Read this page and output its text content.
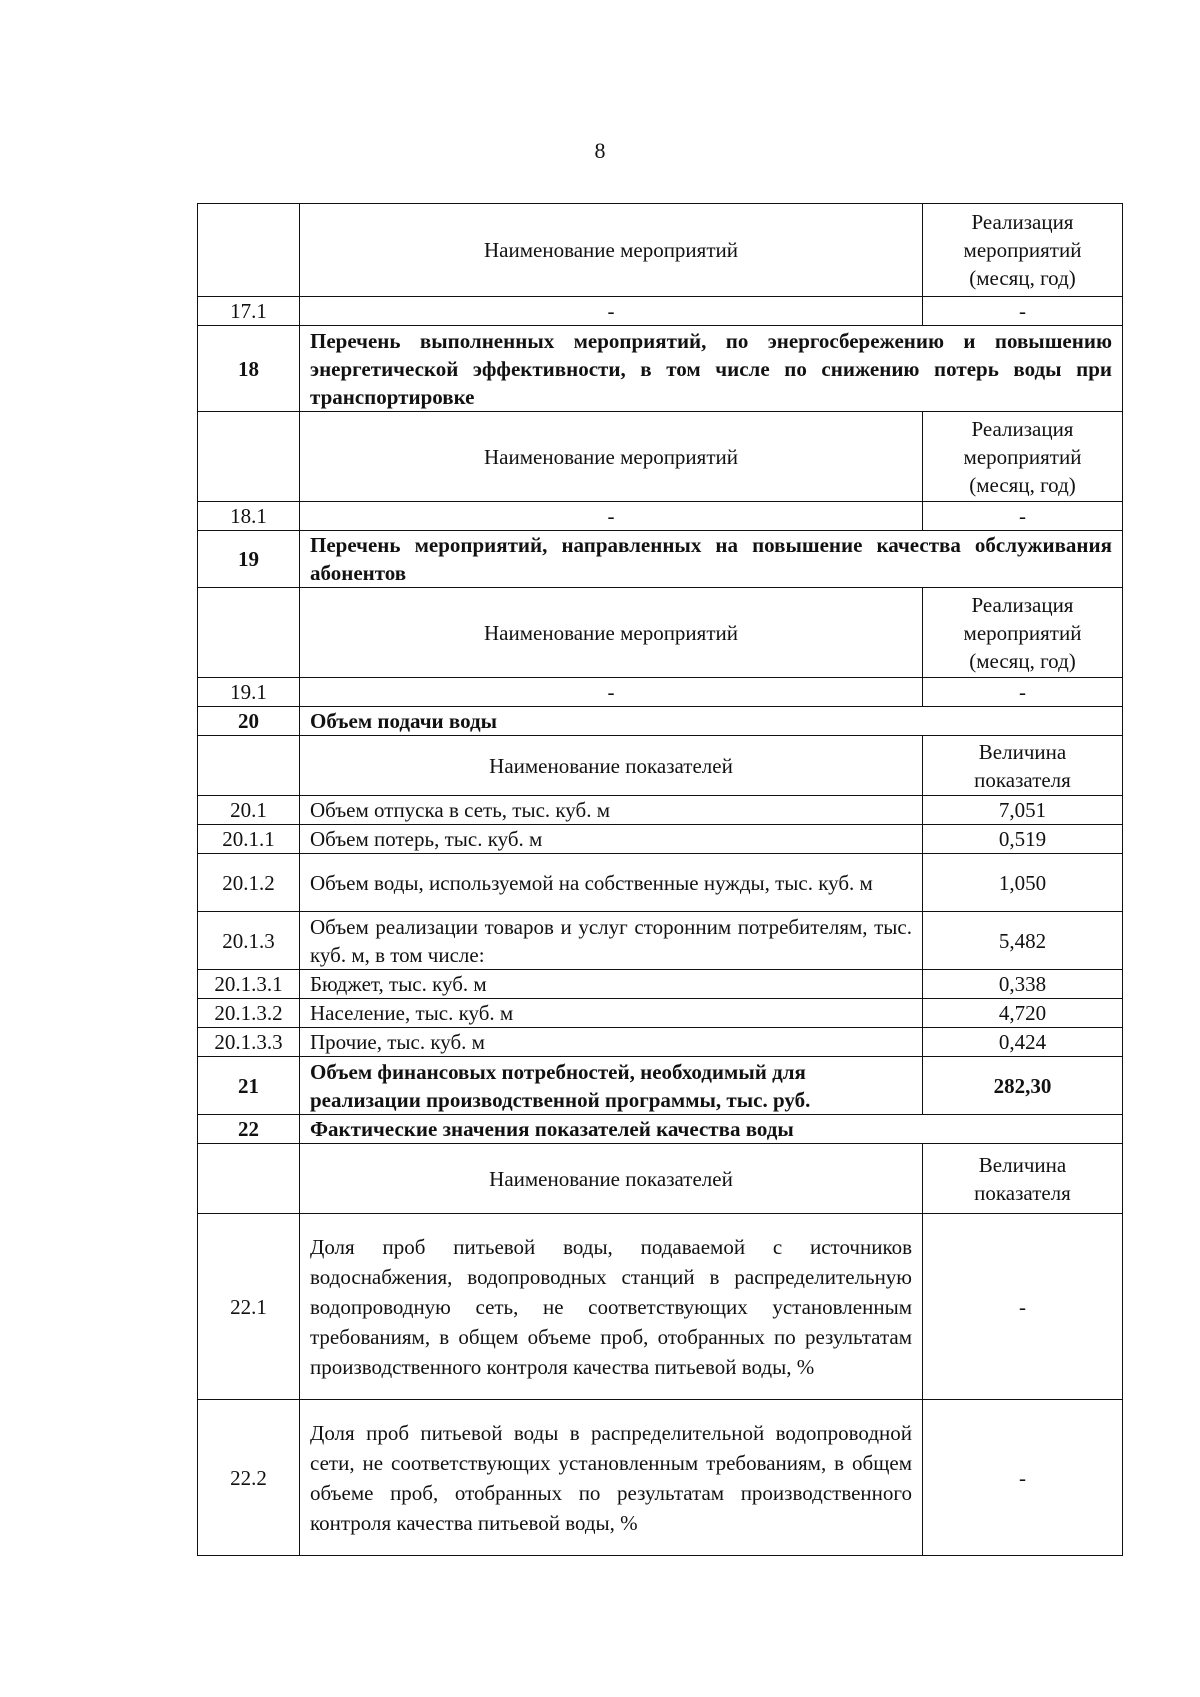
8
	Наименование мероприятий	Реализация
мероприятий
(месяц, год)
17.1	-	-
18	Перечень выполненных мероприятий, по энергосбережению и повышению энергетической эффективности, в том числе по снижению потерь воды при транспортировке	
	Наименование мероприятий	Реализация
мероприятий
(месяц, год)
18.1	-	-
19	Перечень мероприятий, направленных на повышение качества обслуживания абонентов	
	Наименование мероприятий	Реализация
мероприятий
(месяц, год)
19.1	-	-
20	Объем подачи воды	
	Наименование показателей	Величина
показателя
20.1	Объем отпуска в сеть, тыс. куб. м	7,051
20.1.1	Объем потерь, тыс. куб. м	0,519
20.1.2	Объем воды, используемой на собственные нужды, тыс. куб. м	1,050
20.1.3	Объем реализации товаров и услуг сторонним потребителям, тыс. куб. м, в том числе:	5,482
20.1.3.1	Бюджет, тыс. куб. м	0,338
20.1.3.2	Население, тыс. куб. м	4,720
20.1.3.3	Прочие, тыс. куб. м	0,424
21	Объем финансовых потребностей, необходимый для реализации производственной программы, тыс. руб.	282,30
22	Фактические значения показателей качества воды	
	Наименование показателей	Величина
показателя
22.1	Доля проб питьевой воды, подаваемой с источников водоснабжения, водопроводных станций в распределительную водопроводную сеть, не соответствующих установленным требованиям, в общем объеме проб, отобранных по результатам производственного контроля качества питьевой воды, %	-
22.2	Доля проб питьевой воды в распределительной водопроводной сети, не соответствующих установленным требованиям, в общем объеме проб, отобранных по результатам производственного контроля качества питьевой воды, %	-
